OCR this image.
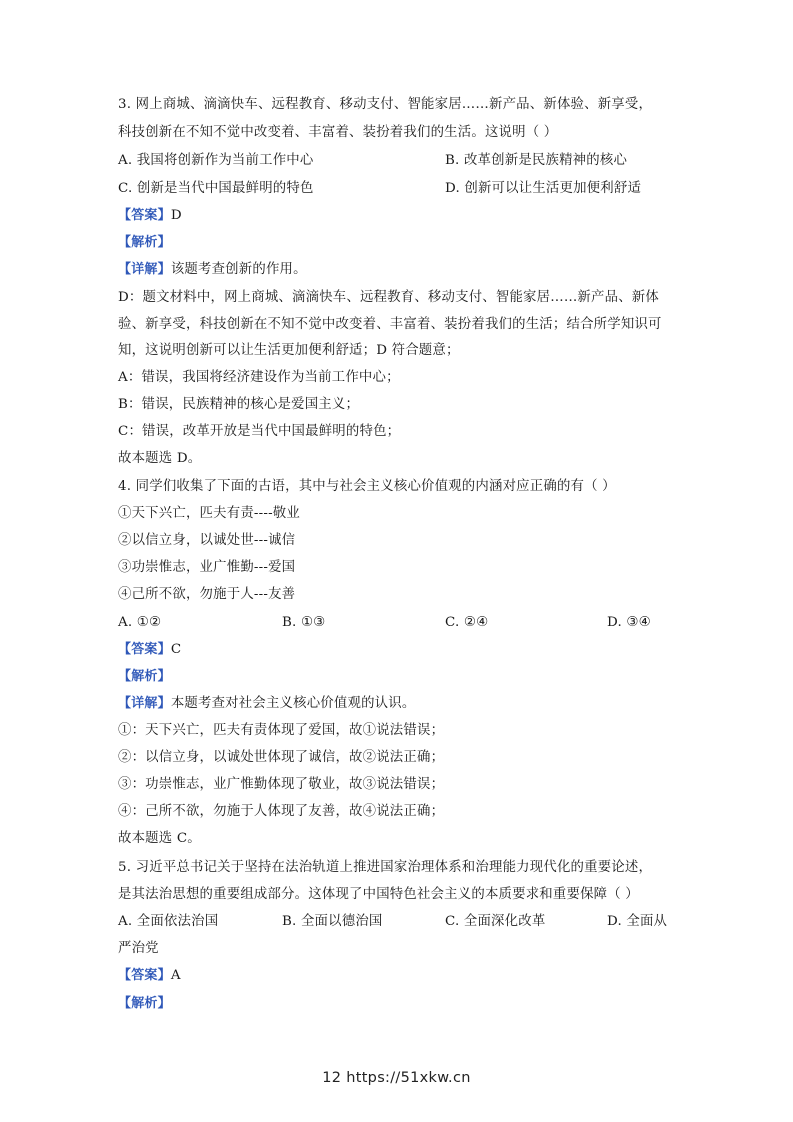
3. 网上商城、滴滴快车、远程教育、移动支付、智能家居……新产品、新体验、新享受，
科技创新在不知不觉中改变着、丰富着、装扮着我们的生活。这说明（ ）
A. 我国将创新作为当前工作中心	B. 改革创新是民族精神的核心
C. 创新是当代中国最鲜明的特色	D. 创新可以让生活更加便利舒适
【答案】D
【解析】
【详解】该题考查创新的作用。
D：题文材料中，网上商城、滴滴快车、远程教育、移动支付、智能家居……新产品、新体
验、新享受，科技创新在不知不觉中改变着、丰富着、装扮着我们的生活；结合所学知识可
知，这说明创新可以让生活更加便利舒适；D 符合题意；
A：错误，我国将经济建设作为当前工作中心；
B：错误，民族精神的核心是爱国主义；
C：错误，改革开放是当代中国最鲜明的特色；
故本题选 D。
4. 同学们收集了下面的古语，其中与社会主义核心价值观的内涵对应正确的有（ ）
①天下兴亡，匹夫有责----敬业
②以信立身，以诚处世---诚信
③功崇惟志，业广惟勤---爱国
④己所不欲，勿施于人---友善
A. ①②	B. ①③	C. ②④	D. ③④
【答案】C
【解析】
【详解】本题考查对社会主义核心价值观的认识。
①：天下兴亡，匹夫有责体现了爱国，故①说法错误；
②：以信立身，以诚处世体现了诚信，故②说法正确；
③：功崇惟志，业广惟勤体现了敬业，故③说法错误；
④：己所不欲，勿施于人体现了友善，故④说法正确；
故本题选 C。
5. 习近平总书记关于坚持在法治轨道上推进国家治理体系和治理能力现代化的重要论述，
是其法治思想的重要组成部分。这体现了中国特色社会主义的本质要求和重要保障（ ）
A. 全面依法治国	B. 全面以德治国	C. 全面深化改革	D. 全面从
严治党
【答案】A
【解析】
12 https://51xkw.cn
